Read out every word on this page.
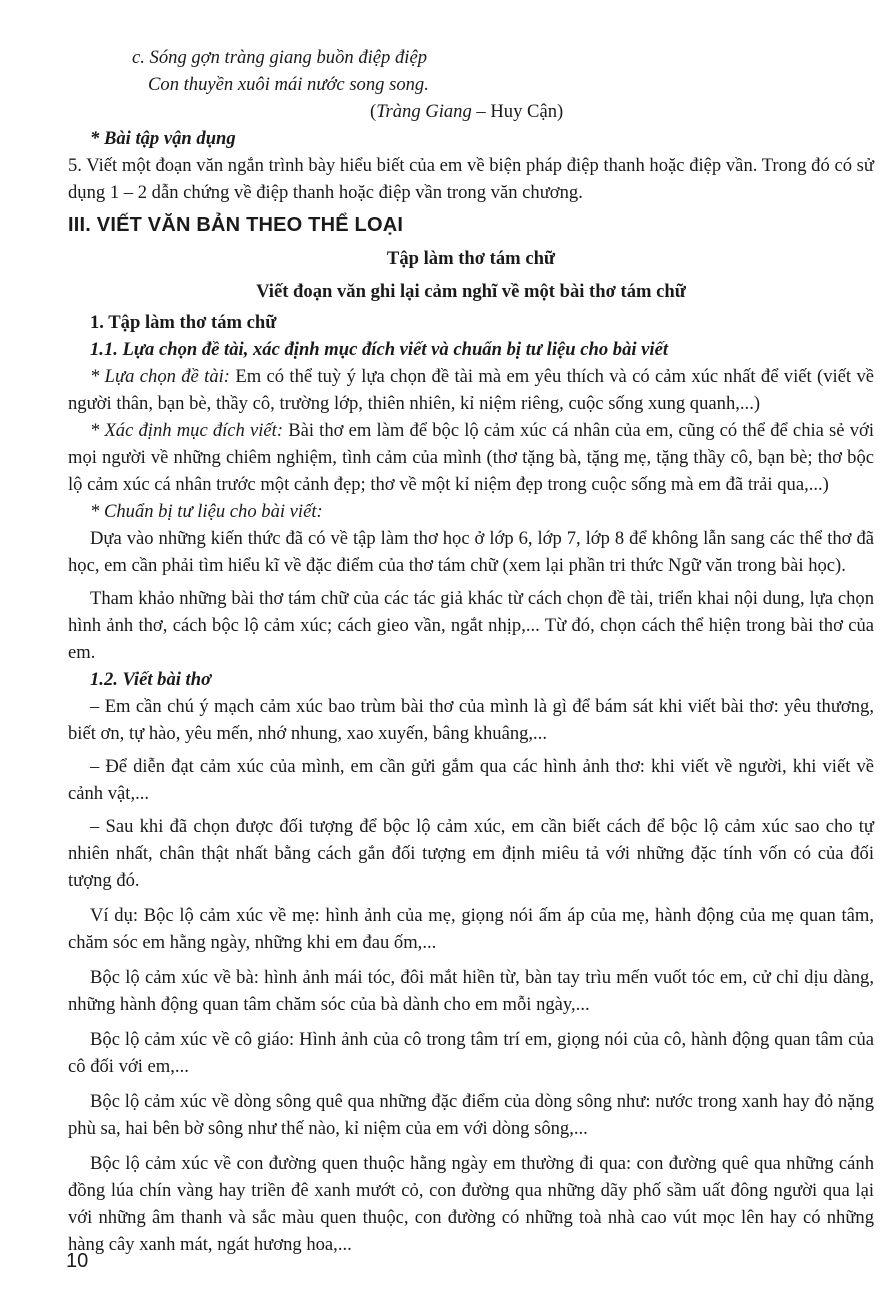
c. Sóng gợn tràng giang buồn điệp điệp
Con thuyền xuôi mái nước song song.
(Tràng Giang – Huy Cận)
* Bài tập vận dụng
5. Viết một đoạn văn ngắn trình bày hiểu biết của em về biện pháp điệp thanh hoặc điệp vần. Trong đó có sử dụng 1 – 2 dẫn chứng về điệp thanh hoặc điệp vần trong văn chương.
III. VIẾT VĂN BẢN THEO THỂ LOẠI
Tập làm thơ tám chữ
Viết đoạn văn ghi lại cảm nghĩ về một bài thơ tám chữ
1. Tập làm thơ tám chữ
1.1. Lựa chọn đề tài, xác định mục đích viết và chuẩn bị tư liệu cho bài viết
* Lựa chọn đề tài: Em có thể tuỳ ý lựa chọn đề tài mà em yêu thích và có cảm xúc nhất để viết (viết về người thân, bạn bè, thầy cô, trường lớp, thiên nhiên, kỉ niệm riêng, cuộc sống xung quanh,...)
* Xác định mục đích viết: Bài thơ em làm để bộc lộ cảm xúc cá nhân của em, cũng có thể để chia sẻ với mọi người về những chiêm nghiệm, tình cảm của mình (thơ tặng bà, tặng mẹ, tặng thầy cô, bạn bè; thơ bộc lộ cảm xúc cá nhân trước một cảnh đẹp; thơ về một kỉ niệm đẹp trong cuộc sống mà em đã trải qua,...)
* Chuẩn bị tư liệu cho bài viết:
Dựa vào những kiến thức đã có về tập làm thơ học ở lớp 6, lớp 7, lớp 8 để không lẫn sang các thể thơ đã học, em cần phải tìm hiểu kĩ về đặc điểm của thơ tám chữ (xem lại phần tri thức Ngữ văn trong bài học).
Tham khảo những bài thơ tám chữ của các tác giả khác từ cách chọn đề tài, triển khai nội dung, lựa chọn hình ảnh thơ, cách bộc lộ cảm xúc; cách gieo vần, ngắt nhịp,... Từ đó, chọn cách thể hiện trong bài thơ của em.
1.2. Viết bài thơ
– Em cần chú ý mạch cảm xúc bao trùm bài thơ của mình là gì để bám sát khi viết bài thơ: yêu thương, biết ơn, tự hào, yêu mến, nhớ nhung, xao xuyến, bâng khuâng,...
– Để diễn đạt cảm xúc của mình, em cần gửi gắm qua các hình ảnh thơ: khi viết về người, khi viết về cảnh vật,...
– Sau khi đã chọn được đối tượng để bộc lộ cảm xúc, em cần biết cách để bộc lộ cảm xúc sao cho tự nhiên nhất, chân thật nhất bằng cách gắn đối tượng em định miêu tả với những đặc tính vốn có của đối tượng đó.
Ví dụ: Bộc lộ cảm xúc về mẹ: hình ảnh của mẹ, giọng nói ấm áp của mẹ, hành động của mẹ quan tâm, chăm sóc em hằng ngày, những khi em đau ốm,...
Bộc lộ cảm xúc về bà: hình ảnh mái tóc, đôi mắt hiền từ, bàn tay trìu mến vuốt tóc em, cử chỉ dịu dàng, những hành động quan tâm chăm sóc của bà dành cho em mỗi ngày,...
Bộc lộ cảm xúc về cô giáo: Hình ảnh của cô trong tâm trí em, giọng nói của cô, hành động quan tâm của cô đối với em,...
Bộc lộ cảm xúc về dòng sông quê qua những đặc điểm của dòng sông như: nước trong xanh hay đỏ nặng phù sa, hai bên bờ sông như thế nào, kỉ niệm của em với dòng sông,...
Bộc lộ cảm xúc về con đường quen thuộc hằng ngày em thường đi qua: con đường quê qua những cánh đồng lúa chín vàng hay triền đê xanh mướt cỏ, con đường qua những dãy phố sầm uất đông người qua lại với những âm thanh và sắc màu quen thuộc, con đường có những toà nhà cao vút mọc lên hay có những hàng cây xanh mát, ngát hương hoa,...
10
